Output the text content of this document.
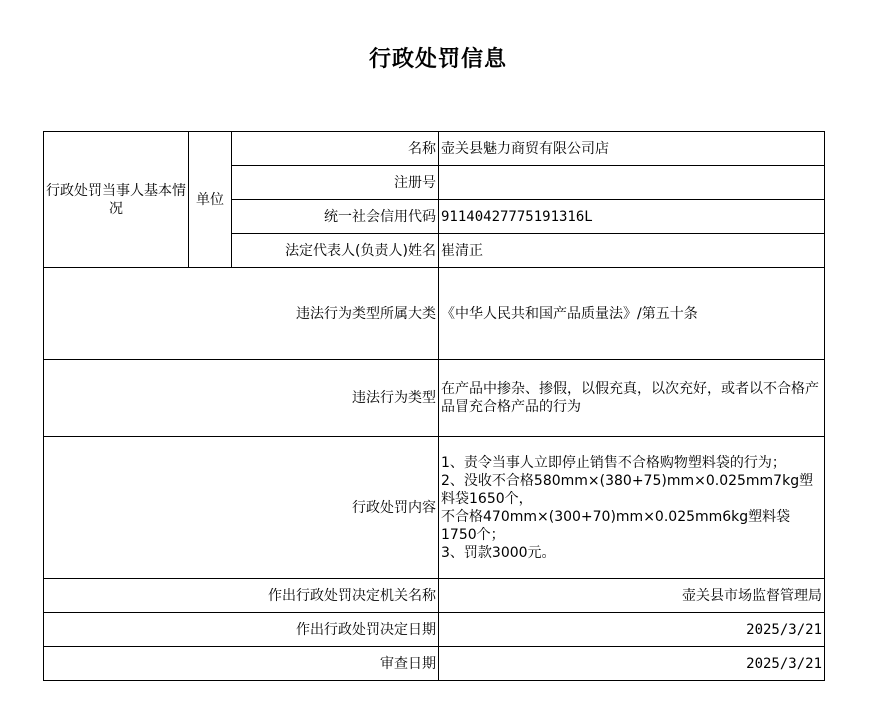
行政处罚信息
行政处罚当事人基本情况	单位	名称	壶关县魅力商贸有限公司店
		注册号	
		统一社会信用代码	91140427775191316L
		法定代表人(负责人)姓名	崔清正
违法行为类型所属大类			《中华人民共和国产品质量法》/第五十条
违法行为类型			在产品中掺杂、掺假，以假充真，以次充好，或者以不合格产品冒充合格产品的行为
行政处罚内容			1、责令当事人立即停止销售不合格购物塑料袋的行为；
2、没收不合格580mm×(380+75)mm×0.025mm7kg塑料袋1650个，
不合格470mm×(300+70)mm×0.025mm6kg塑料袋1750个；
3、罚款3000元。

作出行政处罚决定机关名称			壶关县市场监督管理局
作出行政处罚决定日期			2025/3/21
审查日期			2025/3/21
